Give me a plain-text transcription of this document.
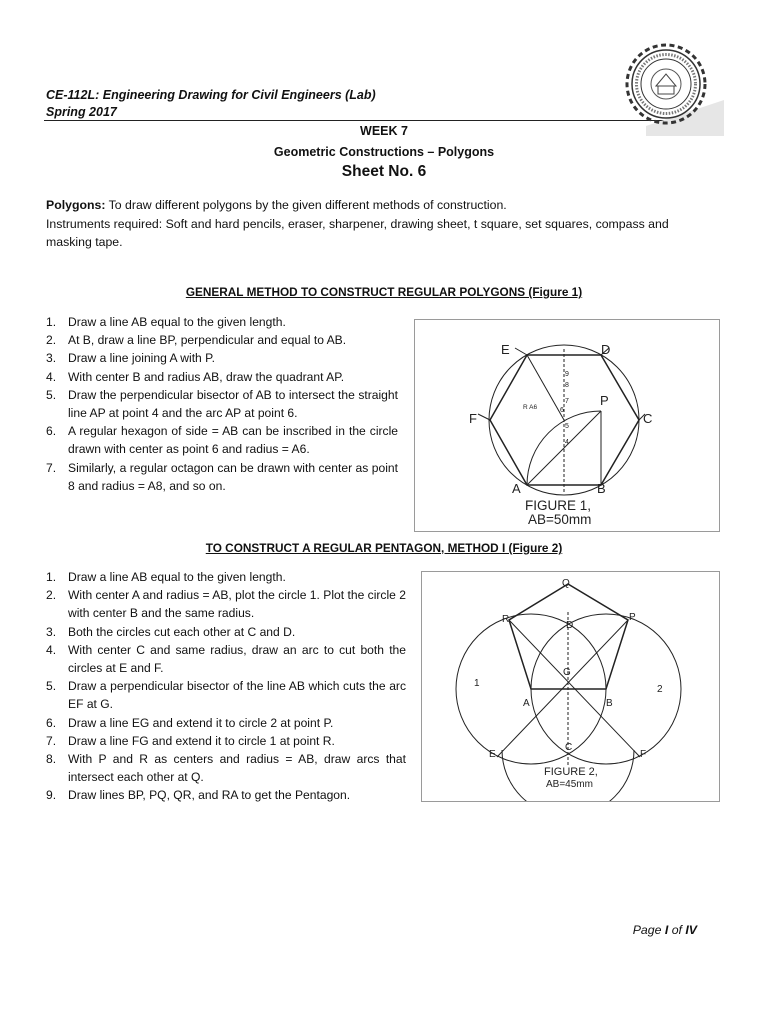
CE-112L: Engineering Drawing for Civil Engineers (Lab)
Spring 2017
WEEK 7
Geometric Constructions – Polygons
Sheet No. 6
Polygons: To draw different polygons by the given different methods of construction.
Instruments required: Soft and hard pencils, eraser, sharpener, drawing sheet, t square, set squares, compass and masking tape.
GENERAL METHOD TO CONSTRUCT REGULAR POLYGONS (Figure 1)
1. Draw a line AB equal to the given length.
2. At B, draw a line BP, perpendicular and equal to AB.
3. Draw a line joining A with P.
4. With center B and radius AB, draw the quadrant AP.
5. Draw the perpendicular bisector of AB to intersect the straight line AP at point 4 and the arc AP at point 6.
6. A regular hexagon of side = AB can be inscribed in the circle drawn with center as point 6 and radius = A6.
7. Similarly, a regular octagon can be drawn with center as point 8 and radius = A8, and so on.
E	D
F	C
P
A	B
R A6
9
8
7
6
5
4
FIGURE 1,
AB=50mm
TO CONSTRUCT A REGULAR PENTAGON, METHOD I (Figure 2)
1. Draw a line AB equal to the given length.
2. With center A and radius = AB, plot the circle 1. Plot the circle 2 with center B and the same radius.
3. Both the circles cut each other at C and D.
4. With center C and same radius, draw an arc to cut both the circles at E and F.
5. Draw a perpendicular bisector of the line AB which cuts the arc EF at G.
6. Draw a line EG and extend it to circle 2 at point P.
7. Draw a line FG and extend it to circle 1 at point R.
8. With P and R as centers and radius = AB, draw arcs that intersect each other at Q.
9. Draw lines BP, PQ, QR, and RA to get the Pentagon.
Q
R	P
D
G
A	B
C
E	F
1
2
FIGURE 2,
AB=45mm
Page I of IV
